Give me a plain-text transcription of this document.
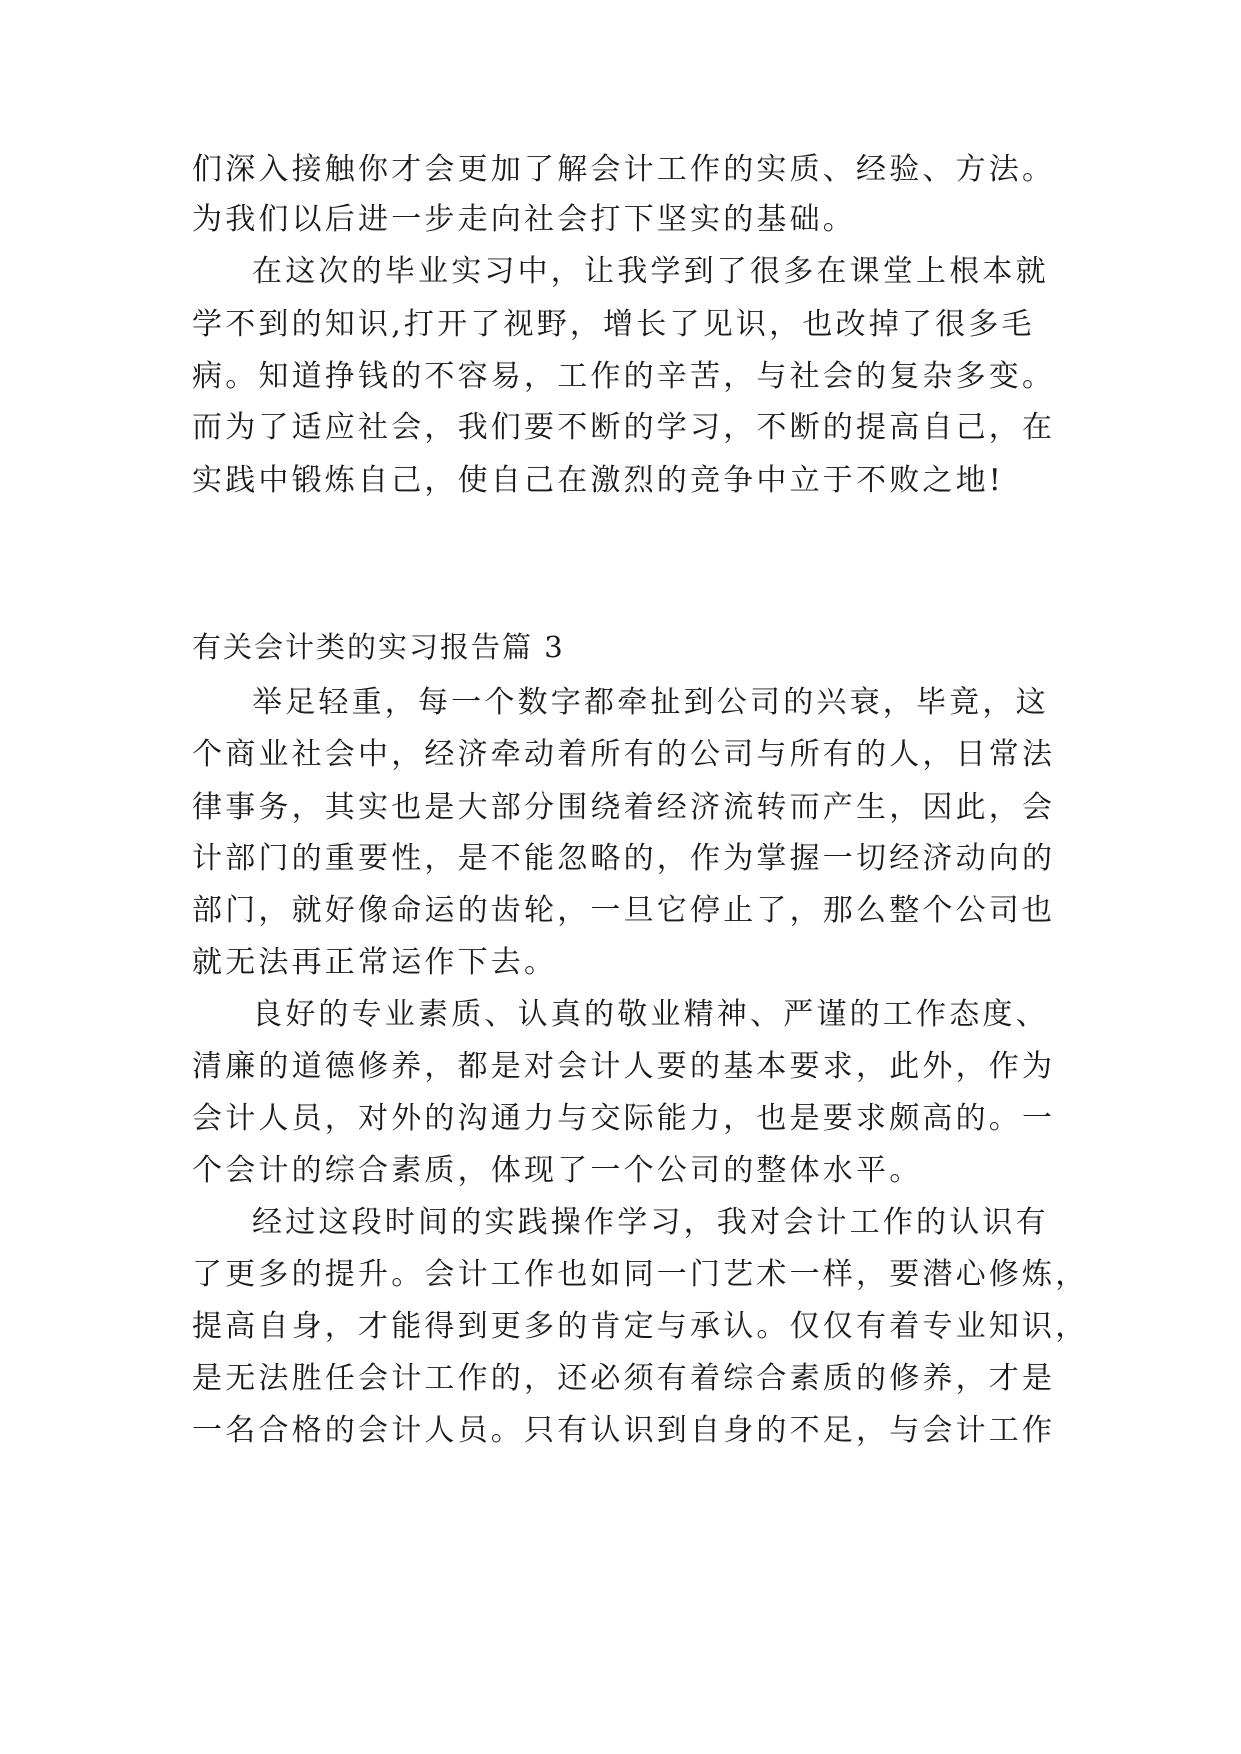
们深入接触你才会更加了解会计工作的实质、经验、方法。
为我们以后进一步走向社会打下坚实的基础。
在这次的毕业实习中，让我学到了很多在课堂上根本就
学不到的知识,打开了视野，增长了见识，也改掉了很多毛
病。知道挣钱的不容易，工作的辛苦，与社会的复杂多变。
而为了适应社会，我们要不断的学习，不断的提高自己，在
实践中锻炼自己，使自己在激烈的竞争中立于不败之地!
有关会计类的实习报告篇 3
举足轻重，每一个数字都牵扯到公司的兴衰，毕竟，这
个商业社会中，经济牵动着所有的公司与所有的人，日常法
律事务，其实也是大部分围绕着经济流转而产生，因此，会
计部门的重要性，是不能忽略的，作为掌握一切经济动向的
部门，就好像命运的齿轮，一旦它停止了，那么整个公司也
就无法再正常运作下去。
良好的专业素质、认真的敬业精神、严谨的工作态度、
清廉的道德修养，都是对会计人要的基本要求，此外，作为
会计人员，对外的沟通力与交际能力，也是要求颇高的。一
个会计的综合素质，体现了一个公司的整体水平。
经过这段时间的实践操作学习，我对会计工作的认识有
了更多的提升。会计工作也如同一门艺术一样，要潜心修炼，
提高自身，才能得到更多的肯定与承认。仅仅有着专业知识，
是无法胜任会计工作的，还必须有着综合素质的修养，才是
一名合格的会计人员。只有认识到自身的不足，与会计工作
